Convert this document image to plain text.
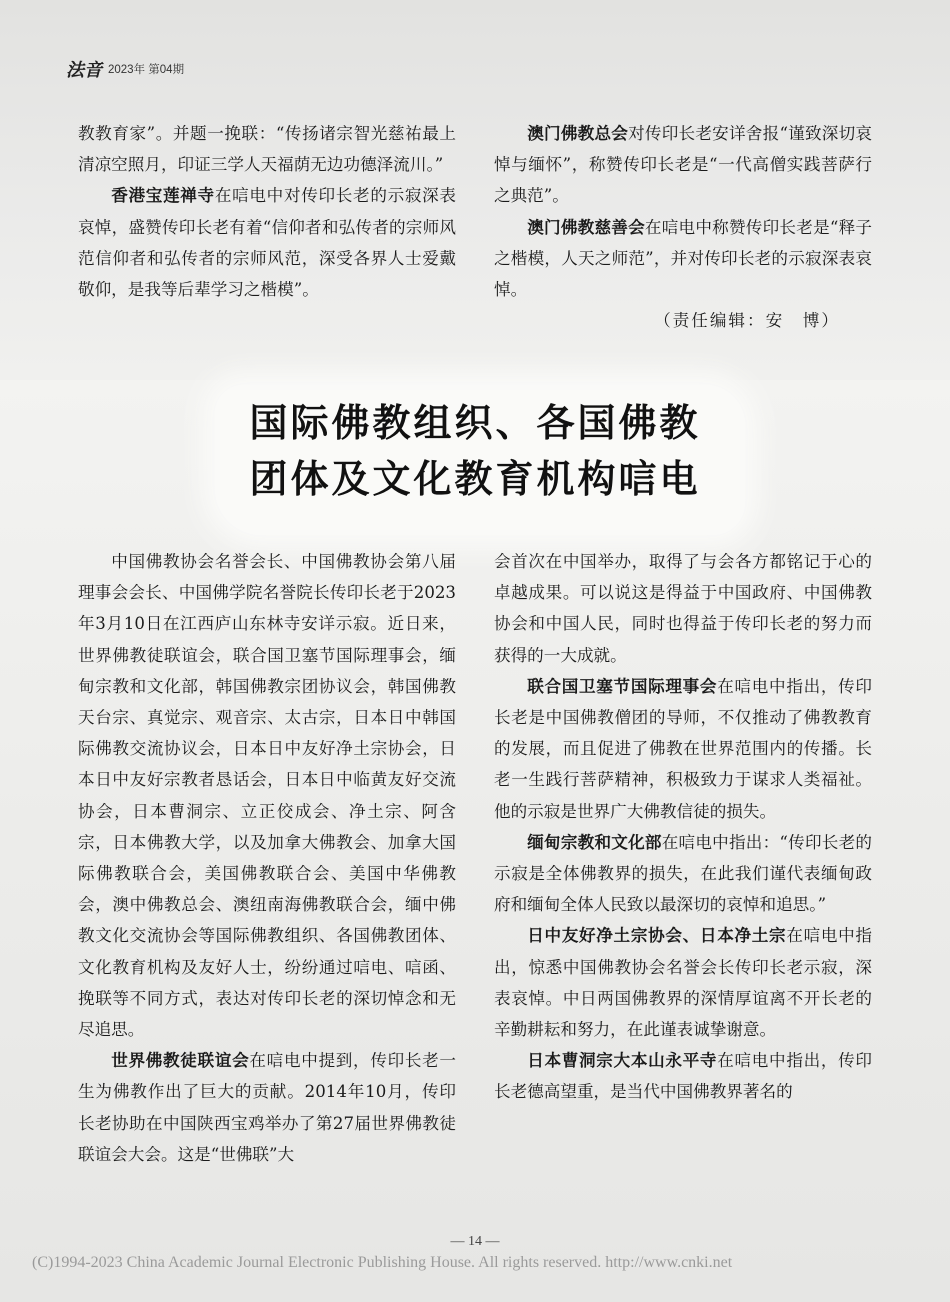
法音 2023年 第04期

教教育家”。并题一挽联：“传扬诸宗智光慈祐最上清凉空照月，印证三学人天福荫无边功德泽流川。”

香港宝莲禅寺在唁电中对传印长老的示寂深表哀悼，盛赞传印长老有着“信仰者和弘传者的宗师风范信仰者和弘传者的宗师风范，深受各界人士爱戴敬仰，是我等后辈学习之楷模”。

澳门佛教总会对传印长老安详舍报“谨致深切哀悼与缅怀”，称赞传印长老是“一代高僧实践菩萨行之典范”。

澳门佛教慈善会在唁电中称赞传印长老是“释子之楷模，人天之师范”，并对传印长老的示寂深表哀悼。

（责任编辑：安　博）

国际佛教组织、各国佛教
团体及文化教育机构唁电

中国佛教协会名誉会长、中国佛教协会第八届理事会会长、中国佛学院名誉院长传印长老于2023年3月10日在江西庐山东林寺安详示寂。近日来，世界佛教徒联谊会，联合国卫塞节国际理事会，缅甸宗教和文化部，韩国佛教宗团协议会，韩国佛教天台宗、真觉宗、观音宗、太古宗，日本日中韩国际佛教交流协议会，日本日中友好净土宗协会，日本日中友好宗教者恳话会，日本日中临黄友好交流协会，日本曹洞宗、立正佼成会、净土宗、阿含宗，日本佛教大学，以及加拿大佛教会、加拿大国际佛教联合会，美国佛教联合会、美国中华佛教会，澳中佛教总会、澳纽南海佛教联合会，缅中佛教文化交流协会等国际佛教组织、各国佛教团体、文化教育机构及友好人士，纷纷通过唁电、唁函、挽联等不同方式，表达对传印长老的深切悼念和无尽追思。

世界佛教徒联谊会在唁电中提到，传印长老一生为佛教作出了巨大的贡献。2014年10月，传印长老协助在中国陕西宝鸡举办了第27届世界佛教徒联谊会大会。这是“世佛联”大

会首次在中国举办，取得了与会各方都铭记于心的卓越成果。可以说这是得益于中国政府、中国佛教协会和中国人民，同时也得益于传印长老的努力而获得的一大成就。

联合国卫塞节国际理事会在唁电中指出，传印长老是中国佛教僧团的导师，不仅推动了佛教教育的发展，而且促进了佛教在世界范围内的传播。长老一生践行菩萨精神，积极致力于谋求人类福祉。他的示寂是世界广大佛教信徒的损失。

缅甸宗教和文化部在唁电中指出：“传印长老的示寂是全体佛教界的损失，在此我们谨代表缅甸政府和缅甸全体人民致以最深切的哀悼和追思。”

日中友好净土宗协会、日本净土宗在唁电中指出，惊悉中国佛教协会名誉会长传印长老示寂，深表哀悼。中日两国佛教界的深情厚谊离不开长老的辛勤耕耘和努力，在此谨表诚挚谢意。

日本曹洞宗大本山永平寺在唁电中指出，传印长老德高望重，是当代中国佛教界著名的

— 14 —
(C)1994-2023 China Academic Journal Electronic Publishing House. All rights reserved. http://www.cnki.net
